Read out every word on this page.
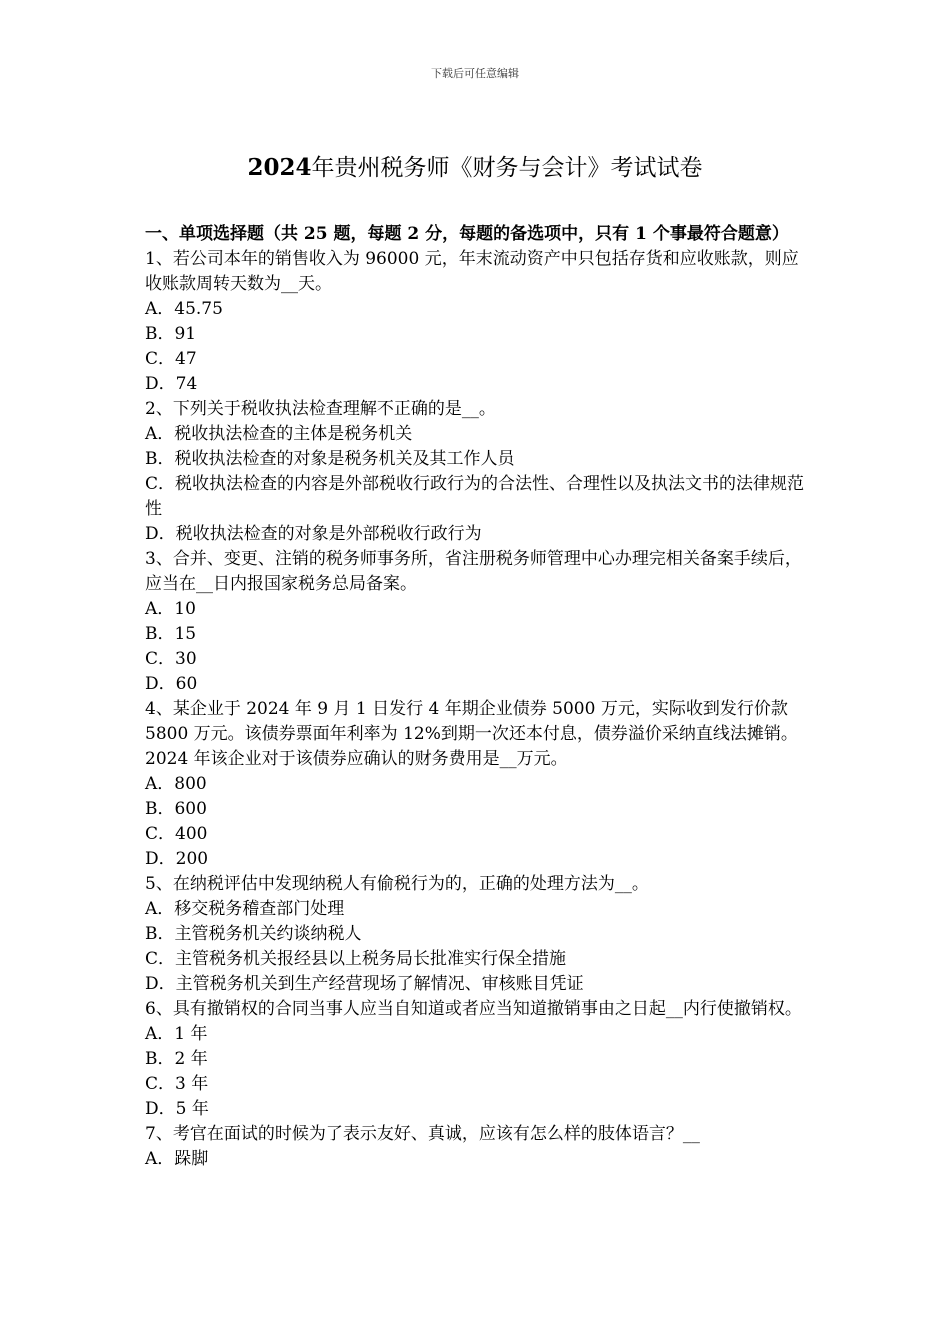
下载后可任意编辑
2024年贵州税务师《财务与会计》考试试卷

一、单项选择题（共 25 题，每题 2 分，每题的备选项中，只有 1 个事最符合题意）

1、若公司本年的销售收入为 96000 元，年末流动资产中只包括存货和应收账款，则应收账款周转天数为__天。

A．45.75

B．91

C．47

D．74

2、下列关于税收执法检查理解不正确的是__。

A．税收执法检查的主体是税务机关

B．税收执法检查的对象是税务机关及其工作人员

C．税收执法检查的内容是外部税收行政行为的合法性、合理性以及执法文书的法律规范性

D．税收执法检查的对象是外部税收行政行为

3、合并、变更、注销的税务师事务所，省注册税务师管理中心办理完相关备案手续后，应当在__日内报国家税务总局备案。

A．10

B．15

C．30

D．60

4、某企业于 2024 年 9 月 1 日发行 4 年期企业债券 5000 万元，实际收到发行价款 5800 万元。该债券票面年利率为 12%到期一次还本付息，债券溢价采纳直线法摊销。2024 年该企业对于该债券应确认的财务费用是__万元。

A．800

B．600

C．400

D．200

5、在纳税评估中发现纳税人有偷税行为的，正确的处理方法为__。

A．移交税务稽查部门处理

B．主管税务机关约谈纳税人

C．主管税务机关报经县以上税务局长批准实行保全措施

D．主管税务机关到生产经营现场了解情况、审核账目凭证

6、具有撤销权的合同当事人应当自知道或者应当知道撤销事由之日起__内行使撤销权。

A．1 年

B．2 年

C．3 年

D．5 年

7、考官在面试的时候为了表示友好、真诚，应该有怎么样的肢体语言？__

A．跺脚
